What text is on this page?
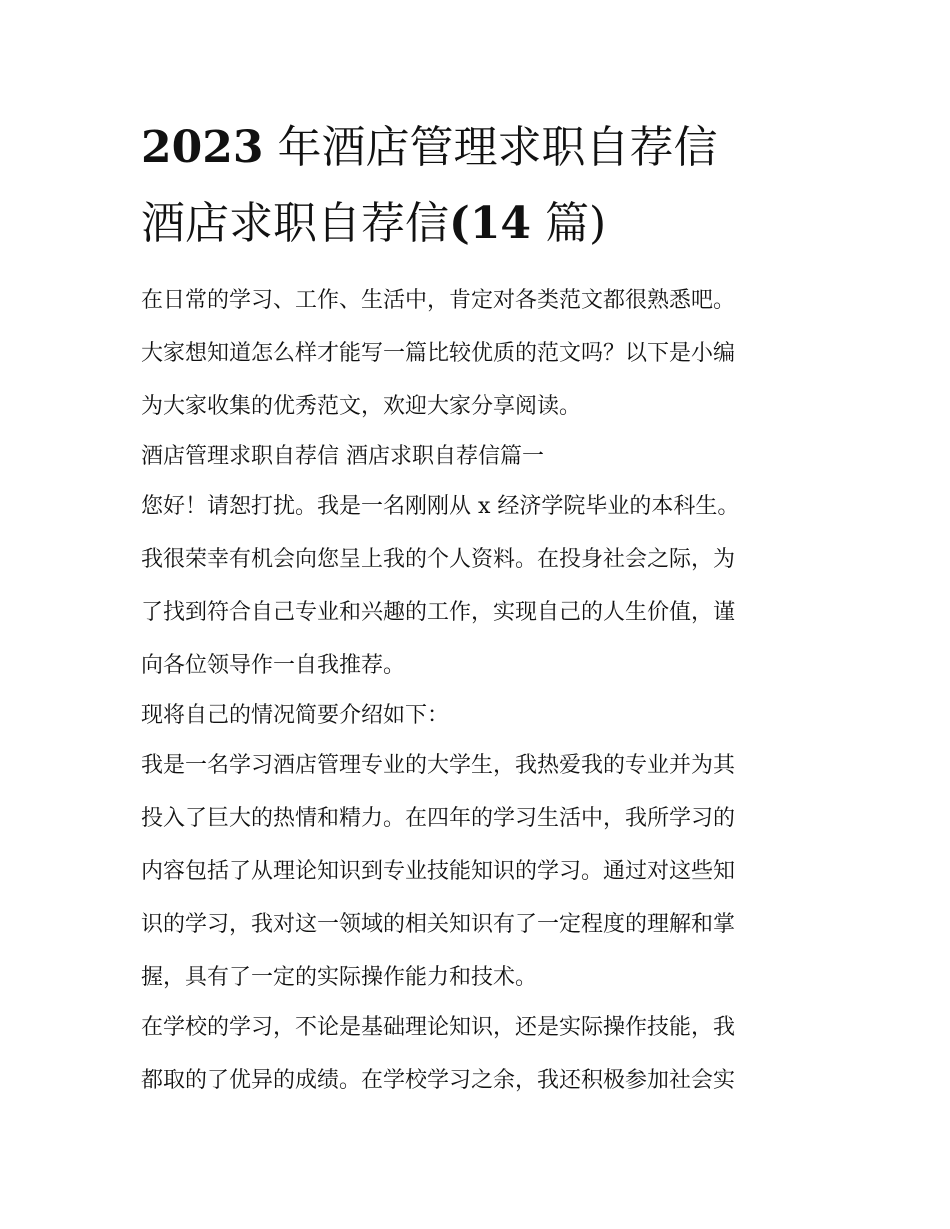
2023 年酒店管理求职自荐信
酒店求职自荐信(14 篇)

在日常的学习、工作、生活中，肯定对各类范文都很熟悉吧。
大家想知道怎么样才能写一篇比较优质的范文吗？以下是小编
为大家收集的优秀范文，欢迎大家分享阅读。

酒店管理求职自荐信 酒店求职自荐信篇一

您好！请恕打扰。我是一名刚刚从 x 经济学院毕业的本科生。
我很荣幸有机会向您呈上我的个人资料。在投身社会之际，为
了找到符合自己专业和兴趣的工作，实现自己的人生价值，谨
向各位领导作一自我推荐。

现将自己的情况简要介绍如下：

我是一名学习酒店管理专业的大学生，我热爱我的专业并为其
投入了巨大的热情和精力。在四年的学习生活中，我所学习的
内容包括了从理论知识到专业技能知识的学习。通过对这些知
识的学习，我对这一领域的相关知识有了一定程度的理解和掌
握，具有了一定的实际操作能力和技术。

在学校的学习，不论是基础理论知识，还是实际操作技能，我
都取的了优异的成绩。在学校学习之余，我还积极参加社会实
